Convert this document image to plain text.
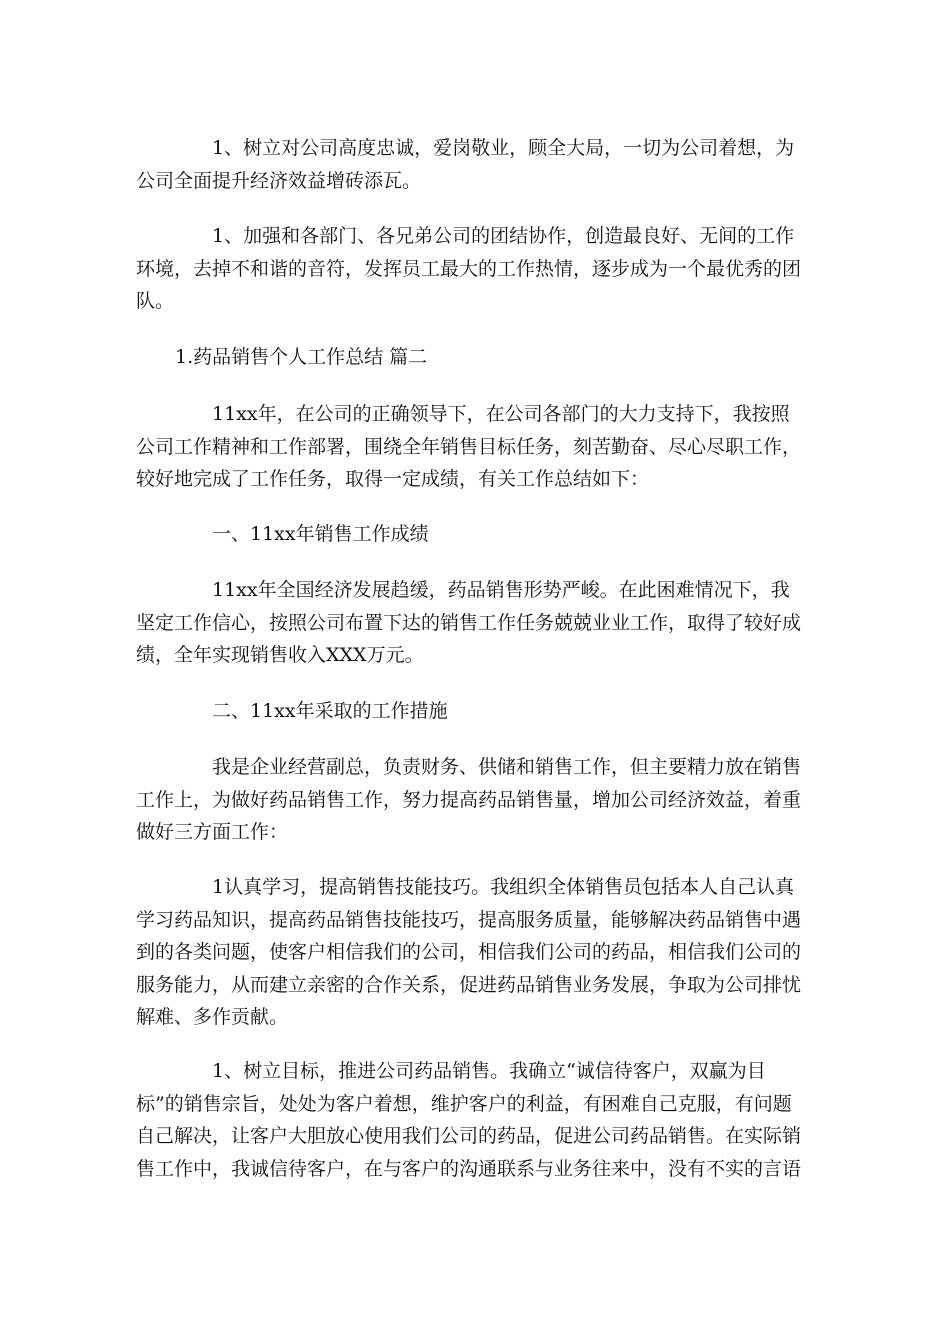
1、树立对公司高度忠诚，爱岗敬业，顾全大局，一切为公司着想，为公司全面提升经济效益增砖添瓦。

1、加强和各部门、各兄弟公司的团结协作，创造最良好、无间的工作环境，去掉不和谐的音符，发挥员工最大的工作热情，逐步成为一个最优秀的团队。

1.药品销售个人工作总结 篇二

11xx年，在公司的正确领导下，在公司各部门的大力支持下，我按照公司工作精神和工作部署，围绕全年销售目标任务，刻苦勤奋、尽心尽职工作，较好地完成了工作任务，取得一定成绩，有关工作总结如下：

一、11xx年销售工作成绩

11xx年全国经济发展趋缓，药品销售形势严峻。在此困难情况下，我坚定工作信心，按照公司布置下达的销售工作任务兢兢业业工作，取得了较好成绩，全年实现销售收入XXX万元。

二、11xx年采取的工作措施

我是企业经营副总，负责财务、供储和销售工作，但主要精力放在销售工作上，为做好药品销售工作，努力提高药品销售量，增加公司经济效益，着重做好三方面工作：

1认真学习，提高销售技能技巧。我组织全体销售员包括本人自己认真学习药品知识，提高药品销售技能技巧，提高服务质量，能够解决药品销售中遇到的各类问题，使客户相信我们的公司，相信我们公司的药品，相信我们公司的服务能力，从而建立亲密的合作关系，促进药品销售业务发展，争取为公司排忧解难、多作贡献。

1、树立目标，推进公司药品销售。我确立“诚信待客户，双赢为目标”的销售宗旨，处处为客户着想，维护客户的利益，有困难自己克服，有问题自己解决，让客户大胆放心使用我们公司的药品，促进公司药品销售。在实际销售工作中，我诚信待客户，在与客户的沟通联系与业务往来中，没有不实的言语
